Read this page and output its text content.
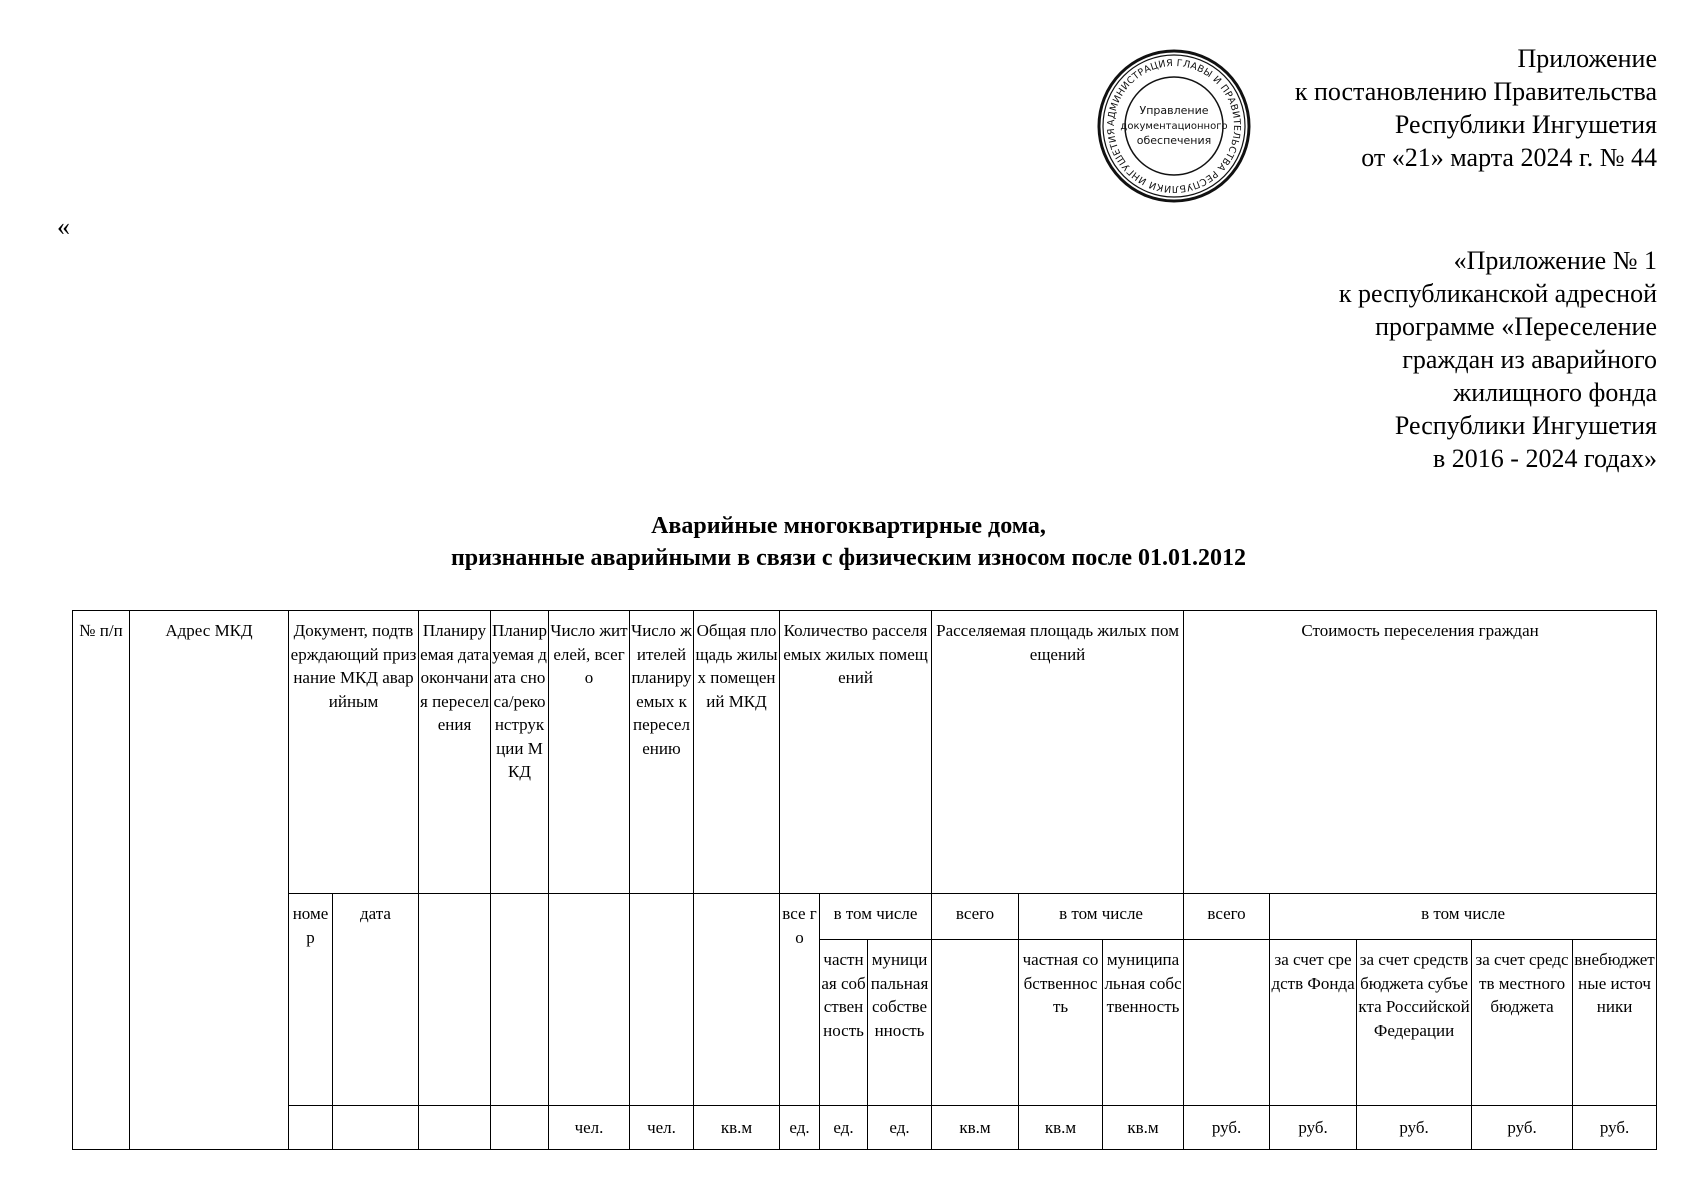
Приложение
к постановлению Правительства
Республики Ингушетия
от «21» марта 2024 г. № 44
АДМИНИСТРАЦИЯ ГЛАВЫ И ПРАВИТЕЛЬСТВА РЕСПУБЛИКИ ИНГУШЕТИЯ
Управление
документационного
обеспечения
«
«Приложение № 1
к республиканской адресной
программе «Переселение
граждан из аварийного
жилищного фонда
Республики Ингушетия
в 2016 - 2024 годах»
Аварийные многоквартирные дома,
признанные аварийными в связи с физическим износом после 01.01.2012
№ п/п	Адрес МКД	Документ, подтверждающий признание МКД аварийным		Планируемая дата окончания переселения	Планируемая дата сноса/реконструкции МКД	Число жителей, всего	Число жителей планируемых к переселению	Общая площадь жилых помещений МКД	Количество расселяемых жилых помещений			Расселяемая площадь жилых помещений			Стоимость переселения граждан				
		номер	дата						все го	в том числе		всего	в том числе		всего	в том числе			
										частная собственность	муниципальная собственность		частная собственность	муниципальная собственность		за счет средств Фонда	за счет средств бюджета субъекта Российской Федерации	за счет средств местного бюджета	внебюджетные источники
						чел.	чел.	кв.м	ед.	ед.	ед.	кв.м	кв.м	кв.м	руб.	руб.	руб.	руб.	руб.
